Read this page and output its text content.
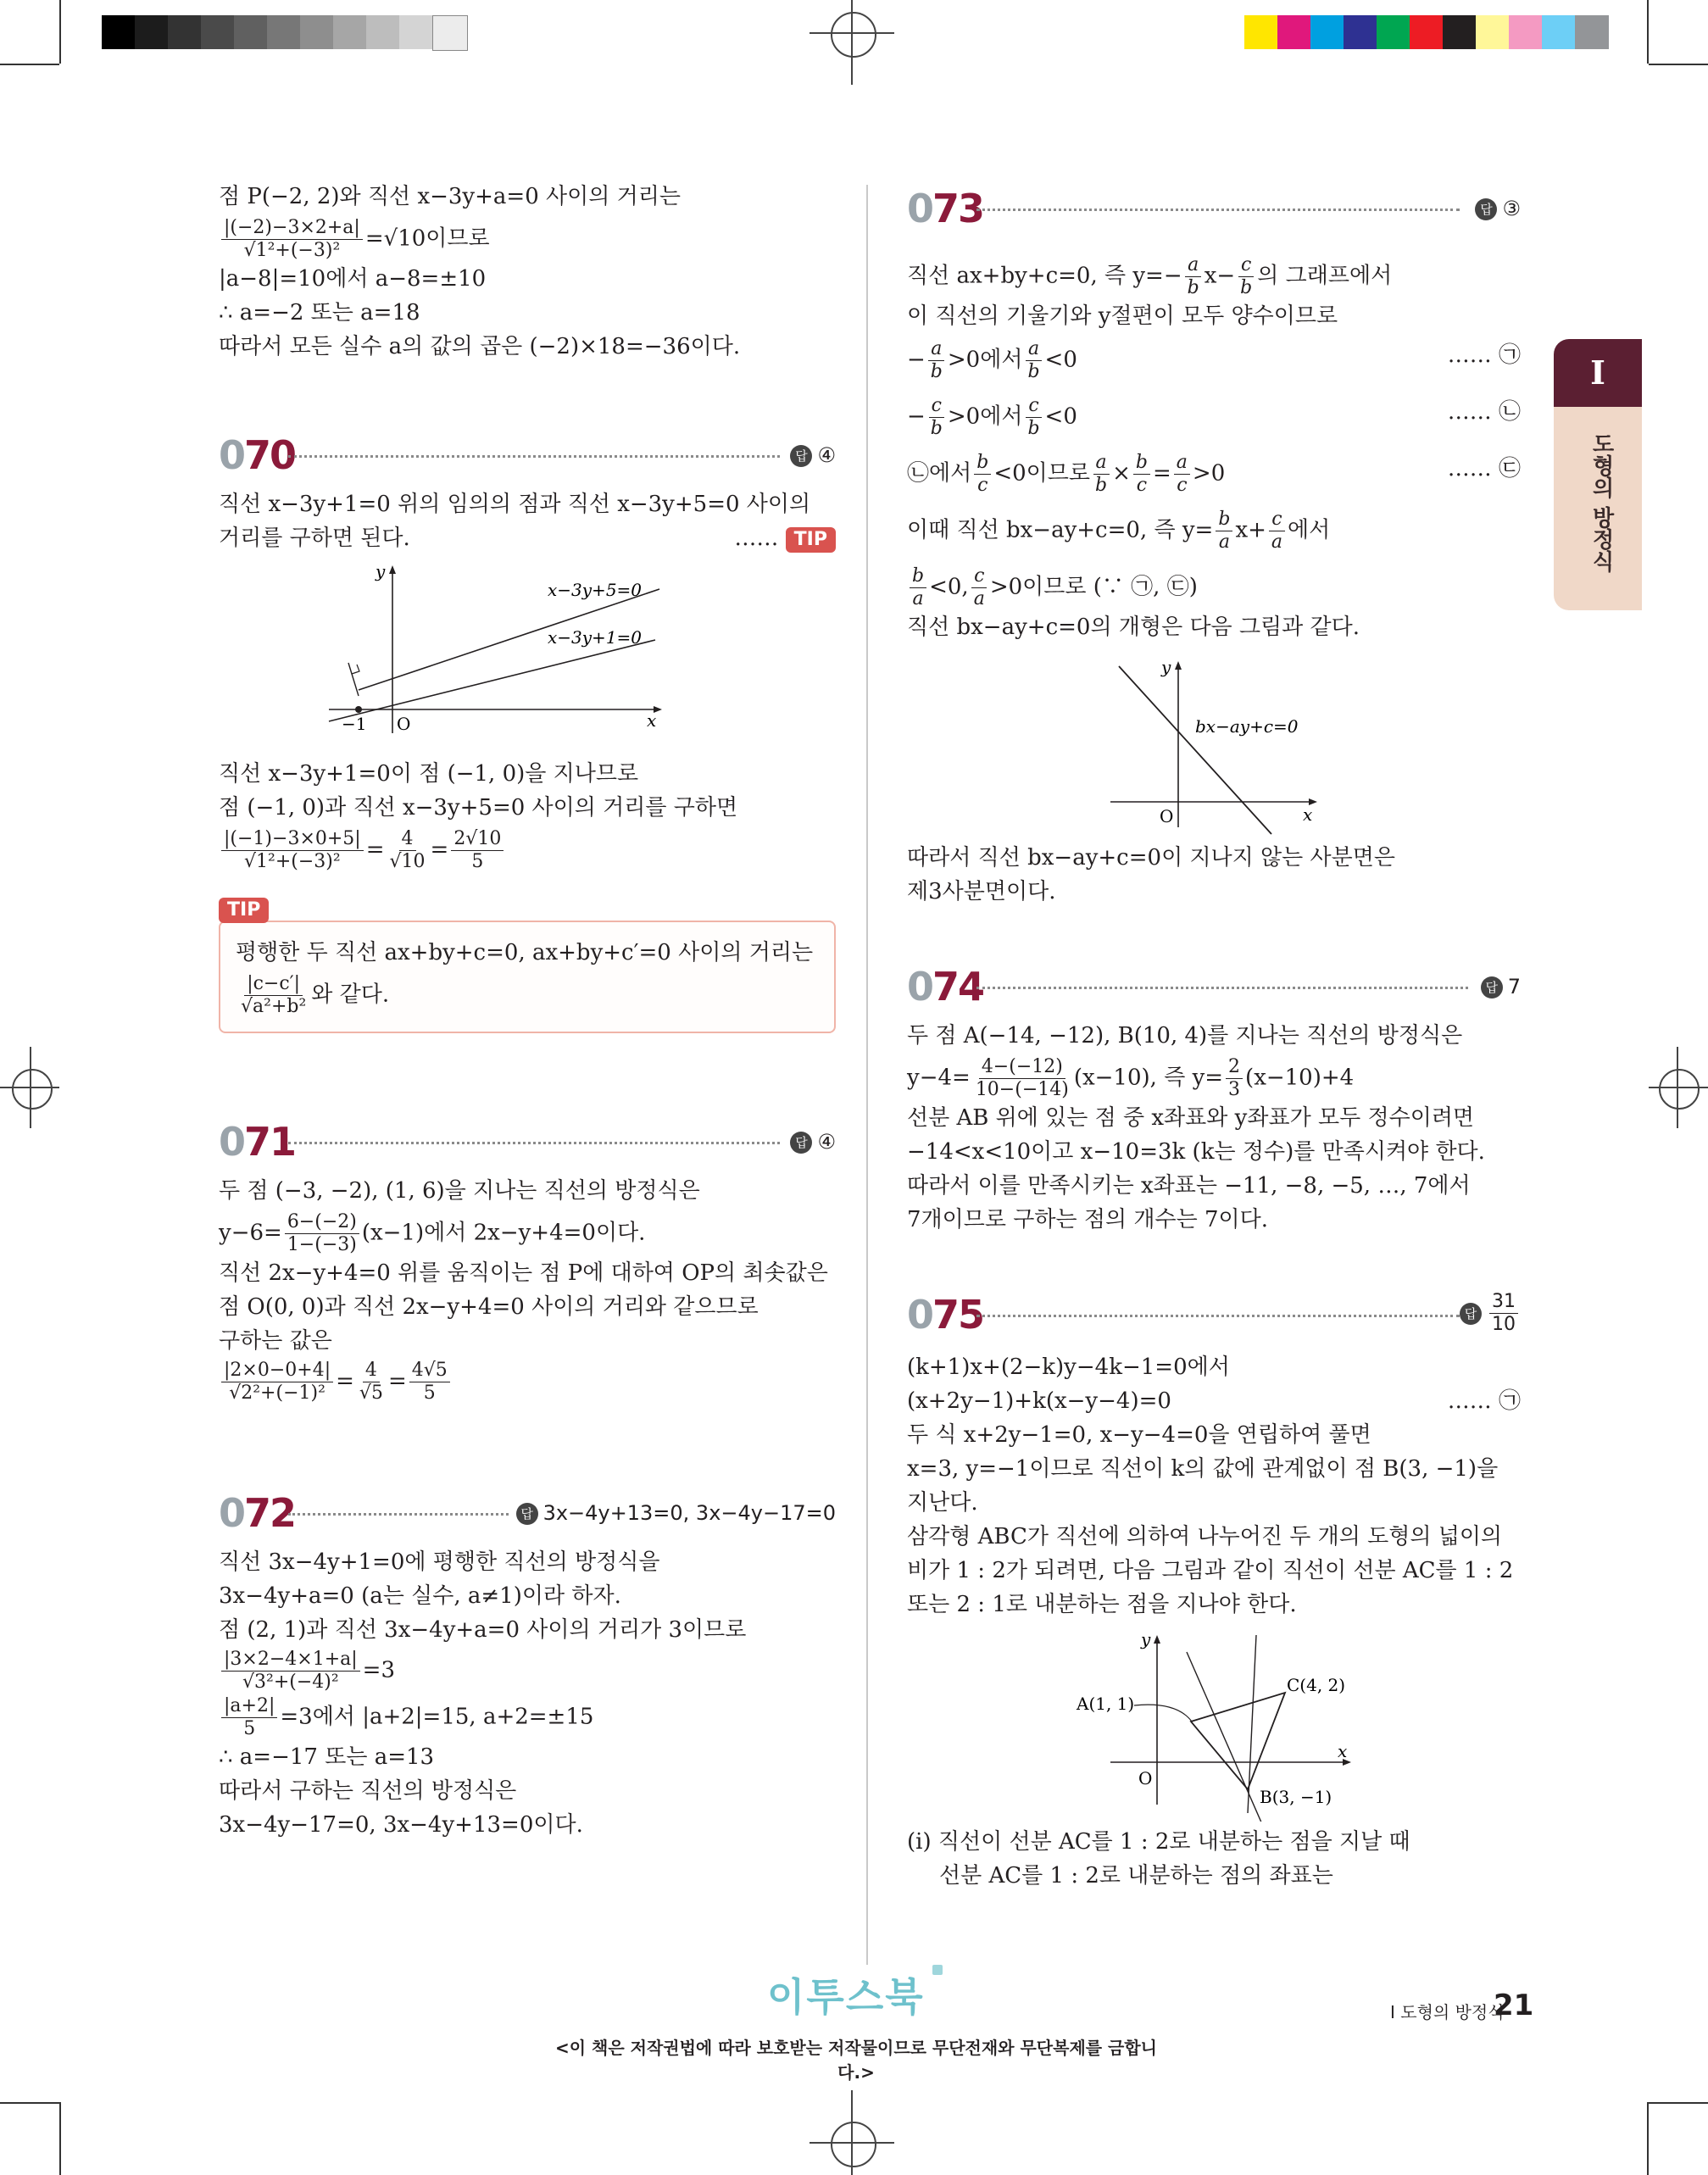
I
도형의 방정식
점 P(−2, 2)와 직선 x−3y+a=0 사이의 거리는
$\frac{|(-2)-3\times 2+a|}{\text{√1²+(−3)²}} =√10$이므로
|a−8|=10에서 a−8=±10
∴ a=−2 또는 a=18
따라서 모든 실수 a의 값의 곱은 (−2)×18=−36이다.
070	답 ④
직선 x−3y+1=0 위의 임의의 점과 직선 x−3y+5=0 사이의
거리를 구하면 된다.	…… TIP
y
x
O
−1
x−3y+5=0
x−3y+1=0
직선 x−3y+1=0이 점 (−1, 0)을 지나므로
점 (−1, 0)과 직선 x−3y+5=0 사이의 거리를 구하면
$\frac{|(-1)-3\times 0+5|}{\text{√1²+(−3)²}} = \frac{4}{√10} = \frac{2√10}{5}$
TIP
평행한 두 직선 ax+by+c=0, ax+by+c′=0 사이의 거리는
$\frac{|c-c'|}{\text{√a²+b²}}$ 와 같다.
071	답 ④
두 점 (−3, −2), (1, 6)을 지나는 직선의 방정식은
$y-6= \frac{6-(-2)}{1-(-3)} (x-1)$에서 2x−y+4=0이다.
직선 2x−y+4=0 위를 움직이는 점 P에 대하여 OP의 최솟값은
점 O(0, 0)과 직선 2x−y+4=0 사이의 거리와 같으므로
구하는 값은
$\frac{|2\times 0-0+4|}{\text{√2²+(−1)²}} = \frac{4}{√5} = \frac{4√5}{5}$
072	답 3x−4y+13=0, 3x−4y−17=0
직선 3x−4y+1=0에 평행한 직선의 방정식을
3x−4y+a=0 (a는 실수, a≠1)이라 하자.
점 (2, 1)과 직선 3x−4y+a=0 사이의 거리가 3이므로
$\frac{|3\times 2-4\times 1+a|}{\text{√3²+(−4)²}} =3$
$\frac{|a+2|}{5} =3$에서 |a+2|=15, a+2=±15
∴ a=−17 또는 a=13
따라서 구하는 직선의 방정식은
3x−4y−17=0, 3x−4y+13=0이다.
073	답 ③
직선 ax+by+c=0, 즉 $y=- \frac{a}{b} x- \frac{c}{b}$ 의 그래프에서
이 직선의 기울기와 y절편이 모두 양수이므로
− $\frac{a}{b} >0$에서 $\frac{a}{b} <0$	…… ㉠
− $\frac{c}{b} >0$에서 $\frac{c}{b} <0$	…… ㉡
㉡에서 $\frac{b}{c} <0$이므로 $\frac{a}{b} \times \frac{b}{c} = \frac{a}{c} >0$	…… ㉢
이때 직선 bx−ay+c=0, 즉 $y= \frac{b}{a} x+ \frac{c}{a}$ 에서
$\frac{b}{a} <0$, $\frac{c}{a} >0$이므로 (∵ ㉠, ㉢)
직선 bx−ay+c=0의 개형은 다음 그림과 같다.
y
x
O
bx−ay+c=0
따라서 직선 bx−ay+c=0이 지나지 않는 사분면은
제3사분면이다.
074	답 7
두 점 A(−14, −12), B(10, 4)를 지나는 직선의 방정식은
$y-4= \frac{4-(-12)}{10-(-14)} (x-10)$, 즉 $y= \frac{2}{3} (x-10)+4$
선분 AB 위에 있는 점 중 x좌표와 y좌표가 모두 정수이려면
−14<x<10이고 x−10=3k (k는 정수)를 만족시켜야 한다.
따라서 이를 만족시키는 x좌표는 −11, −8, −5, …, 7에서
7개이므로 구하는 점의 개수는 7이다.
075	답 $\frac{31}{10}$
(k+1)x+(2−k)y−4k−1=0에서
(x+2y−1)+k(x−y−4)=0	…… ㉠
두 식 x+2y−1=0, x−y−4=0을 연립하여 풀면
x=3, y=−1이므로 직선이 k의 값에 관계없이 점 B(3, −1)을
지난다.
삼각형 ABC가 직선에 의하여 나누어진 두 개의 도형의 넓이의
비가 1 : 2가 되려면, 다음 그림과 같이 직선이 선분 AC를 1 : 2
또는 2 : 1로 내분하는 점을 지나야 한다.
y
x
O
A(1, 1)
C(4, 2)
B(3, −1)
(ⅰ) 직선이 선분 AC를 1 : 2로 내분하는 점을 지날 때
선분 AC를 1 : 2로 내분하는 점의 좌표는
이투스북	I 도형의 방정식
21
<이 책은 저작권법에 따라 보호받는 저작물이므로 무단전재와 무단복제를 금합니다.>
